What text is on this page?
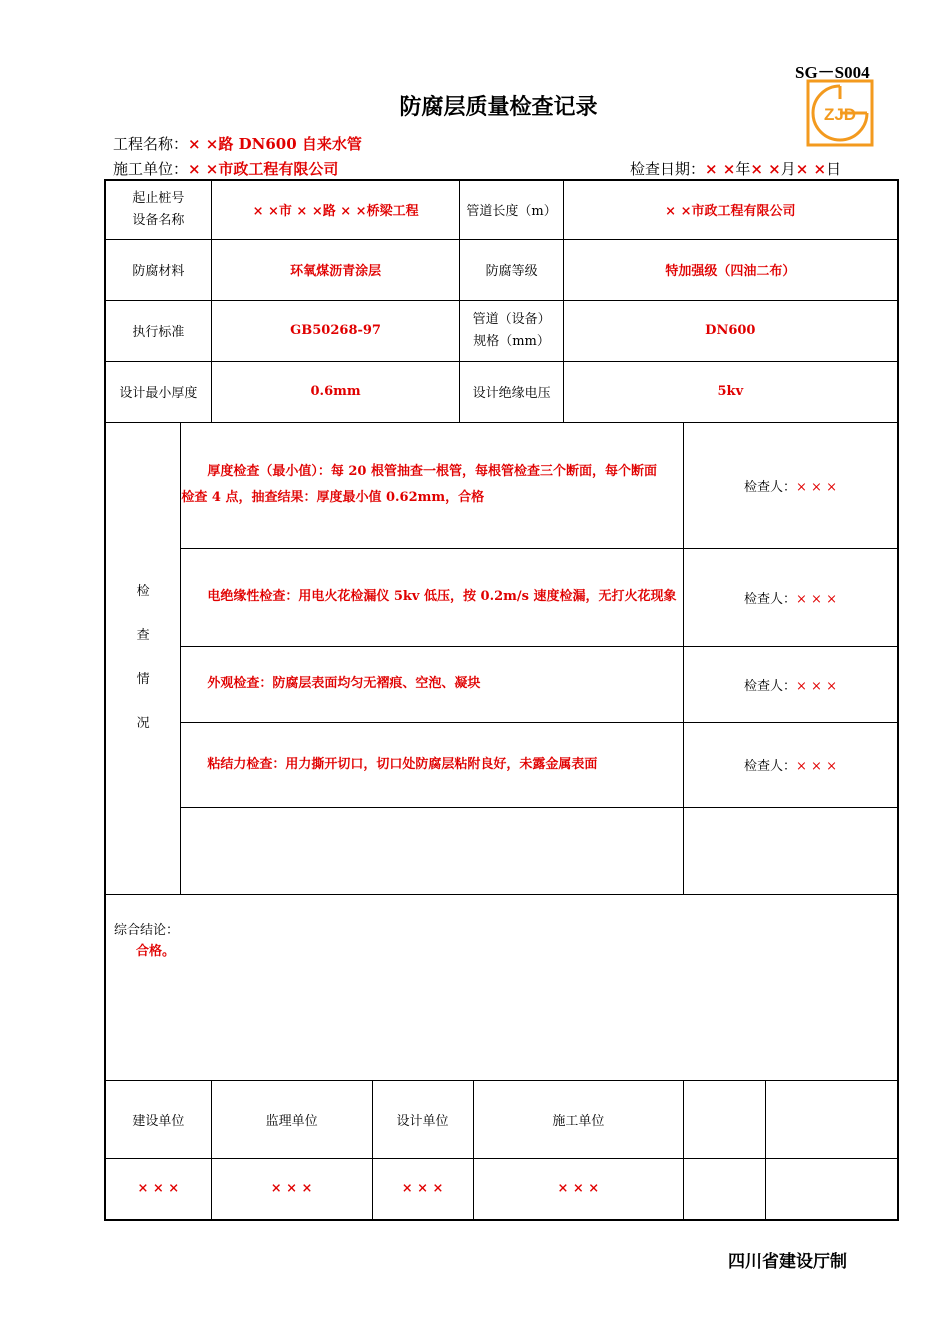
SG－S004
ZJD
防腐层质量检查记录
工程名称：× ×路 DN600 自来水管
施工单位：× ×市政工程有限公司	检查日期：× ×年× ×月× ×日
起止桩号
设备名称		× ×市 × ×路 × ×桥梁工程		管道长度（m）		× ×市政工程有限公司		
防腐材料		环氧煤沥青涂层		防腐等级		特加强级（四油二布）		
执行标准		GB50268-97		管道（设备）
规格（mm）		DN600		
设计最小厚度		0.6mm		设计绝缘电压		5kv		
检
查
情
况	　　厚度检查（最小值）：每 20 根管抽查一根管，每根管检查三个断面，每个断面
检查 4 点，抽查结果：厚度最小值 0.62mm，合格						检查人：× × ×	
	　　电绝缘性检查：用电火花检漏仪 5kv 低压，按 0.2m/s 速度检漏，无打火花现象						检查人：× × ×	
	　　外观检查：防腐层表面均匀无褶痕、空泡、凝块						检查人：× × ×	
	　　粘结力检查：用力撕开切口，切口处防腐层粘附良好，未露金属表面						检查人：× × ×	

综合结论：
合格。								

建设单位		监理单位	设计单位		施工单位			
× × ×		× × ×	× × ×		× × ×			
四川省建设厅制
